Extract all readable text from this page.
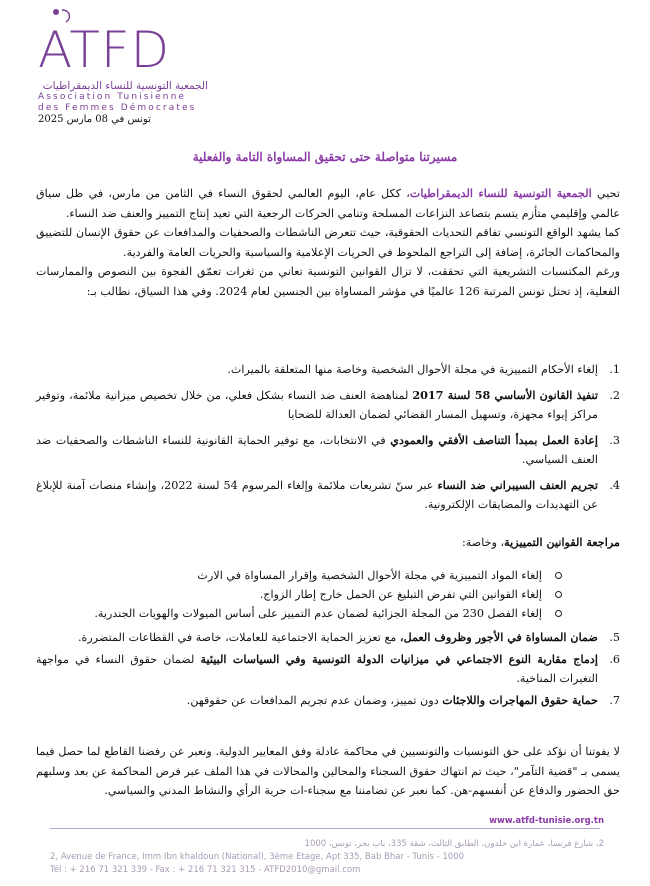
ATFD
الجمعية التونسية للنساء الديمقراطيات
Association Tunisienne
des Femmes Démocrates
تونس في 08 مارس 2025
مسيرتنا متواصلة حتى تحقيق المساواة التامة والفعلية

تحيي الجمعية التونسية للنساء الديمقراطيات، ككل عام، اليوم العالمي لحقوق النساء في الثامن من مارس، في ظل سياق عالمي وإقليمي متأزم يتسم بتصاعد النزاعات المسلحة وتنامي الحركات الرجعية التي تعيد إنتاج التمييز والعنف ضد النساء.

كما يشهد الواقع التونسي تفاقم التحديات الحقوقية، حيث تتعرض الناشطات والصحفيات والمدافعات عن حقوق الإنسان للتضييق والمحاكمات الجائرة، إضافة إلى التراجع الملحوظ في الحريات الإعلامية والسياسية والحريات العامة والفردية.

ورغم المكتسبات التشريعية التي تحققت، لا تزال القوانين التونسية تعاني من ثغرات تعمّق الفجوة بين النصوص والممارسات الفعلية، إذ تحتل تونس المرتبة 126 عالميًا في مؤشر المساواة بين الجنسين لعام 2024. وفي هذا السياق، نطالب بـ:

1.
إلغاء الأحكام التمييزية في مجلة الأحوال الشخصية وخاصة منها المتعلقة بالميراث.
2.
تنفيذ القانون الأساسي 58 لسنة 2017 لمناهضة العنف ضد النساء بشكل فعلي، من خلال تخصيص ميزانية ملائمة، وتوفير مراكز إيواء مجهزة، وتسهيل المسار القضائي لضمان العدالة للضحايا
3.
إعادة العمل بمبدأ التناصف الأفقي والعمودي في الانتخابات، مع توفير الحماية القانونية للنساء الناشطات والصحفيات ضد العنف السياسي.
4.
تجريم العنف السيبراني ضد النساء عبر سنّ تشريعات ملائمة وإلغاء المرسوم 54 لسنة 2022، وإنشاء منصات آمنة للإبلاغ عن التهديدات والمضايقات الإلكترونية.
مراجعة القوانين التمييزية، وخاصة:
إلغاء المواد التمييزية في مجلة الأحوال الشخصية وإقرار المساواة في الارث
إلغاء القوانين التي تفرض التبليغ عن الحمل خارج إطار الزواج.
إلغاء الفصل 230 من المجلة الجزائية لضمان عدم التمييز على أساس الميولات والهويات الجندرية.
5.
ضمان المساواة في الأجور وظروف العمل، مع تعزيز الحماية الاجتماعية للعاملات، خاصة في القطاعات المتضررة.
6.
إدماج مقاربة النوع الاجتماعي في ميزانيات الدولة التونسية وفي السياسات البيئية لضمان حقوق النساء في مواجهة التغيرات المناخية.
7.
حماية حقوق المهاجرات واللاجئات دون تمييز، وضمان عدم تجريم المدافعات عن حقوقهن.
لا يفوتنا أن نؤكد على حق التونسيات والتونسيين في محاكمة عادلة وفق المعايير الدولية. ونعبر عن رفضنا القاطع لما حصل فيما يسمى بـ "قضية التآمر"، حيث تم انتهاك حقوق السجناء والمحالين والمحالات في هذا الملف عبر فرض المحاكمة عن بعد وسلبهم حق الحضور والدفاع عن أنفسهم-هن. كما نعبر عن تضامننا مع سجناء-ات حرية الرأي والنشاط المدني والسياسي.
www.atfd-tunisie.org.tn
2، شارع فرنسا، عمارة ابن خلدون، الطابق الثالث، شقة 335، باب بحر، تونس، 1000
2, Avenue de France, Imm Ibn khaldoun (National), 3ème Etage, Apt 335, Bab Bhar - Tunis - 1000
Tél : + 216 71 321 339 - Fax : + 216 71 321 315 - ATFD2010@gmail.com
